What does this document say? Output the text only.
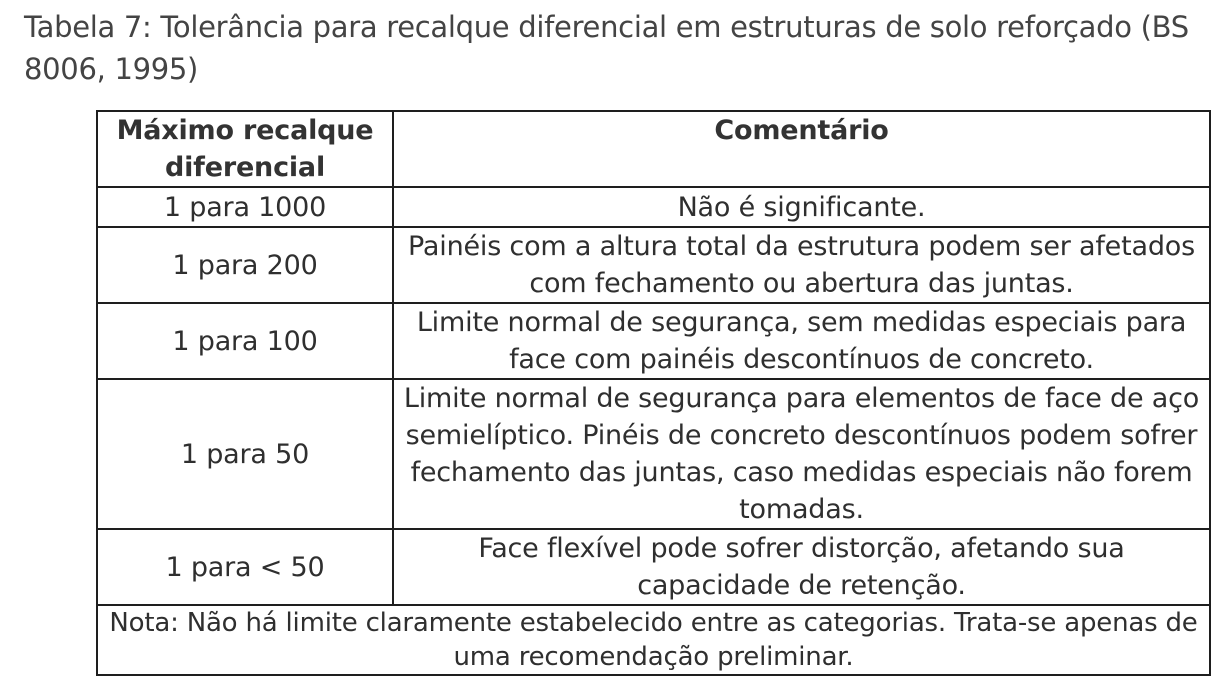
Tabela 7: Tolerância para recalque diferencial em estruturas de solo reforçado (BS 8006, 1995)
Máximo recalque diferencial	Comentário
1 para 1000	Não é significante.
1 para 200	Painéis com a altura total da estrutura podem ser afetados com fechamento ou abertura das juntas.
1 para 100	Limite normal de segurança, sem medidas especiais para face com painéis descontínuos de concreto.
1 para 50	Limite normal de segurança para elementos de face de aço semielíptico. Pinéis de concreto descontínuos podem sofrer fechamento das juntas, caso medidas especiais não forem tomadas.
1 para < 50	Face flexível pode sofrer distorção, afetando sua capacidade de retenção.
Nota: Não há limite claramente estabelecido entre as categorias. Trata-se apenas de uma recomendação preliminar.	
